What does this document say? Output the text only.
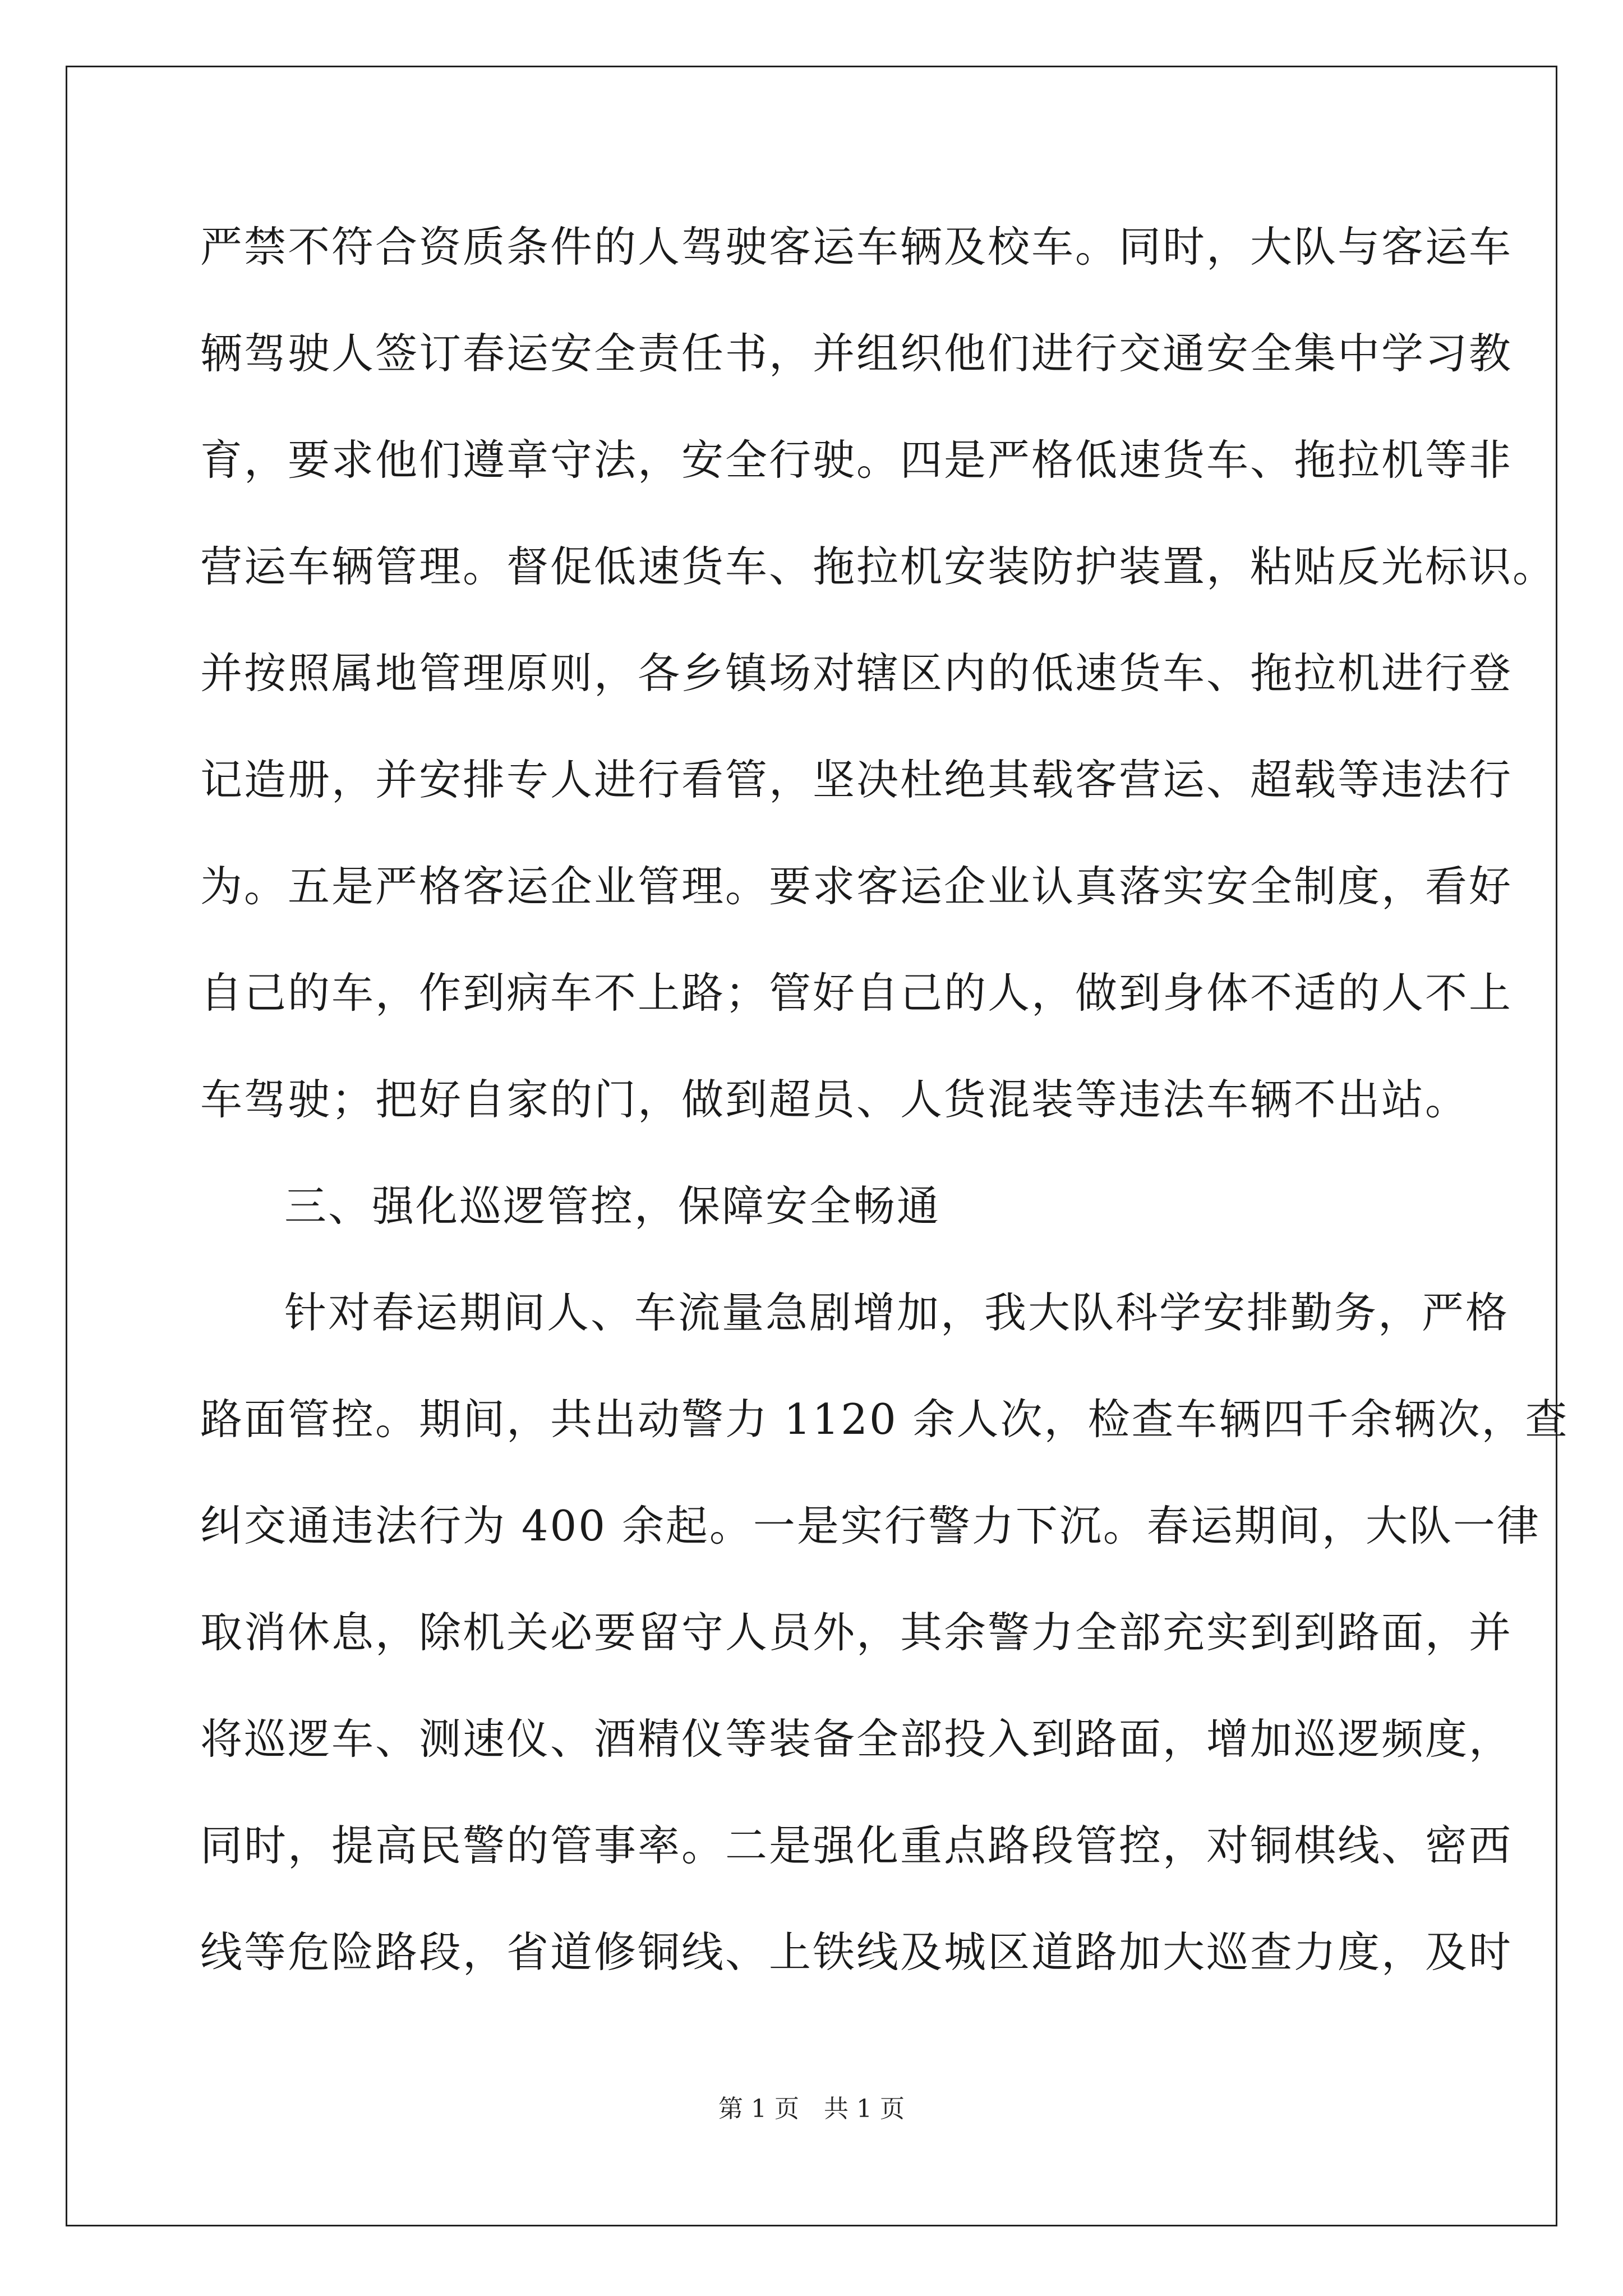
严禁不符合资质条件的人驾驶客运车辆及校车。同时，大队与客运车
辆驾驶人签订春运安全责任书，并组织他们进行交通安全集中学习教
育，要求他们遵章守法，安全行驶。四是严格低速货车、拖拉机等非
营运车辆管理。督促低速货车、拖拉机安装防护装置，粘贴反光标识。
并按照属地管理原则，各乡镇场对辖区内的低速货车、拖拉机进行登
记造册，并安排专人进行看管，坚决杜绝其载客营运、超载等违法行
为。五是严格客运企业管理。要求客运企业认真落实安全制度，看好
自己的车，作到病车不上路；管好自己的人，做到身体不适的人不上
车驾驶；把好自家的门，做到超员、人货混装等违法车辆不出站。
三、强化巡逻管控，保障安全畅通
针对春运期间人、车流量急剧增加，我大队科学安排勤务，严格
路面管控。期间，共出动警力 1120 余人次，检查车辆四千余辆次，查
纠交通违法行为 400 余起。一是实行警力下沉。春运期间，大队一律
取消休息，除机关必要留守人员外，其余警力全部充实到到路面，并
将巡逻车、测速仪、酒精仪等装备全部投入到路面，增加巡逻频度，
同时，提高民警的管事率。二是强化重点路段管控，对铜棋线、密西
线等危险路段，省道修铜线、上铁线及城区道路加大巡查力度，及时
第 1 页　共 1 页
